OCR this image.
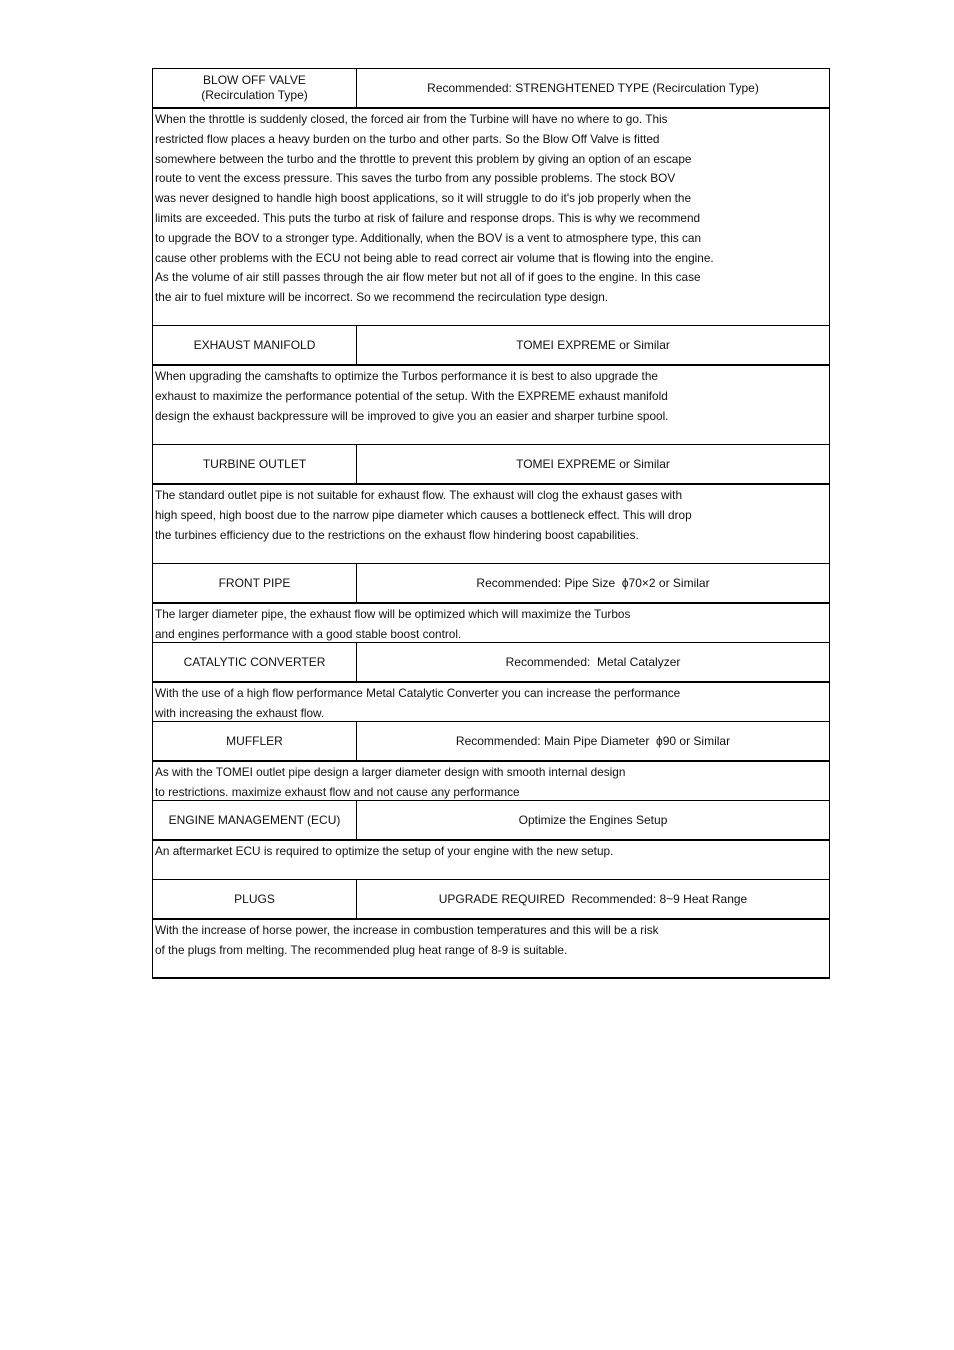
BLOW OFF VALVE
(Recirculation Type)	Recommended: STRENGHTENED TYPE (Recirculation Type)
When the throttle is suddenly closed, the forced air from the Turbine will have no where to go. This
restricted flow places a heavy burden on the turbo and other parts. So the Blow Off Valve is fitted
somewhere between the turbo and the throttle to prevent this problem by giving an option of an escape
route to vent the excess pressure. This saves the turbo from any possible problems. The stock BOV
was never designed to handle high boost applications, so it will struggle to do it's job properly when the
limits are exceeded. This puts the turbo at risk of failure and response drops. This is why we recommend
to upgrade the BOV to a stronger type. Additionally, when the BOV is a vent to atmosphere type, this can
cause other problems with the ECU not being able to read correct air volume that is flowing into the engine.
As the volume of air still passes through the air flow meter but not all of if goes to the engine. In this case
the air to fuel mixture will be incorrect. So we recommend the recirculation type design.
EXHAUST MANIFOLD	TOMEI EXPREME or Similar
When upgrading the camshafts to optimize the Turbos performance it is best to also upgrade the
exhaust to maximize the performance potential of the setup. With the EXPREME exhaust manifold
design the exhaust backpressure will be improved to give you an easier and sharper turbine spool.
TURBINE OUTLET	TOMEI EXPREME or Similar
The standard outlet pipe is not suitable for exhaust flow. The exhaust will clog the exhaust gases with
high speed, high boost due to the narrow pipe diameter which causes a bottleneck effect. This will drop
the turbines efficiency due to the restrictions on the exhaust flow hindering boost capabilities.
FRONT PIPE	Recommended: Pipe Size  ϕ70×2 or Similar
The larger diameter pipe, the exhaust flow will be optimized which will maximize the Turbos
and engines performance with a good stable boost control.
CATALYTIC CONVERTER	Recommended:  Metal Catalyzer
With the use of a high flow performance Metal Catalytic Converter you can increase the performance
with increasing the exhaust flow.
MUFFLER	Recommended: Main Pipe Diameter  ϕ90 or Similar
As with the TOMEI outlet pipe design a larger diameter design with smooth internal design
to restrictions. maximize exhaust flow and not cause any performance
ENGINE MANAGEMENT (ECU)	Optimize the Engines Setup
An aftermarket ECU is required to optimize the setup of your engine with the new setup.
PLUGS	UPGRADE REQUIRED  Recommended: 8~9 Heat Range
With the increase of horse power, the increase in combustion temperatures and this will be a risk
of the plugs from melting. The recommended plug heat range of 8-9 is suitable.
